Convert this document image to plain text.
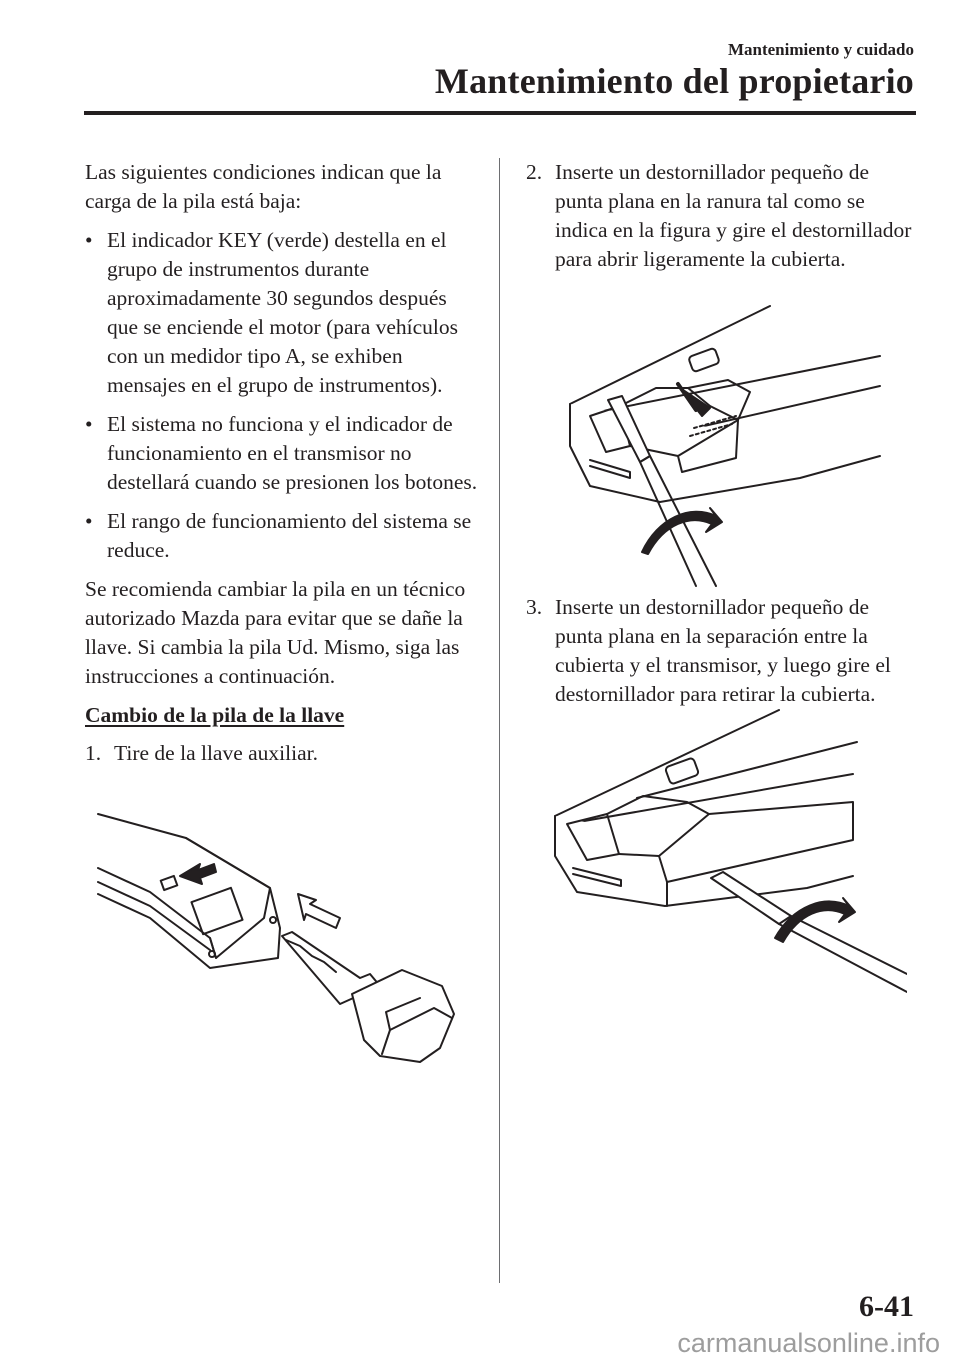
Mantenimiento y cuidado
Mantenimiento del propietario

Las siguientes condiciones indican que la carga de la pila está baja:

• El indicador KEY (verde) destella en el grupo de instrumentos durante aproximadamente 30 segundos después que se enciende el motor (para vehículos con un medidor tipo A, se exhiben mensajes en el grupo de instrumentos).
• El sistema no funciona y el indicador de funcionamiento en el transmisor no destellará cuando se presionen los botones.
• El rango de funcionamiento del sistema se reduce.

Se recomienda cambiar la pila en un técnico autorizado Mazda para evitar que se dañe la llave. Si cambia la pila Ud. Mismo, siga las instrucciones a continuación.

Cambio de la pila de la llave
1. Tire de la llave auxiliar.
2. Inserte un destornillador pequeño de punta plana en la ranura tal como se indica en la figura y gire el destornillador para abrir ligeramente la cubierta.
3. Inserte un destornillador pequeño de punta plana en la separación entre la cubierta y el transmisor, y luego gire el destornillador para retirar la cubierta.
6-41
carmanualsonline.info
